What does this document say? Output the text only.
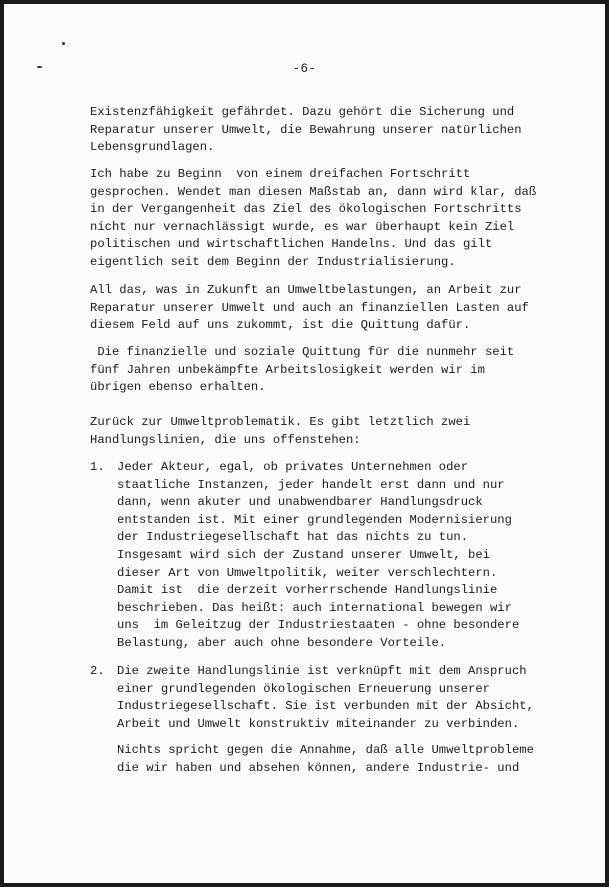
-6-

Existenzfähigkeit gefährdet. Dazu gehört die Sicherung und
Reparatur unserer Umwelt, die Bewahrung unserer natürlichen
Lebensgrundlagen.

Ich habe zu Beginn  von einem dreifachen Fortschritt
gesprochen. Wendet man diesen Maßstab an, dann wird klar, daß
in der Vergangenheit das Ziel des ökologischen Fortschritts
nicht nur vernachlässigt wurde, es war überhaupt kein Ziel
politischen und wirtschaftlichen Handelns. Und das gilt
eigentlich seit dem Beginn der Industrialisierung.

All das, was in Zukunft an Umweltbelastungen, an Arbeit zur
Reparatur unserer Umwelt und auch an finanziellen Lasten auf
diesem Feld auf uns zukommt, ist die Quittung dafür.

Die finanzielle und soziale Quittung für die nunmehr seit
fünf Jahren unbekämpfte Arbeitslosigkeit werden wir im
übrigen ebenso erhalten.

Zurück zur Umweltproblematik. Es gibt letztlich zwei
Handlungslinien, die uns offenstehen:

1. Jeder Akteur, egal, ob privates Unternehmen oder
staatliche Instanzen, jeder handelt erst dann und nur
dann, wenn akuter und unabwendbarer Handlungsdruck
entstanden ist. Mit einer grundlegenden Modernisierung
der Industriegesellschaft hat das nichts zu tun.
Insgesamt wird sich der Zustand unserer Umwelt, bei
dieser Art von Umweltpolitik, weiter verschlechtern.
Damit ist  die derzeit vorherrschende Handlungslinie
beschrieben. Das heißt: auch international bewegen wir
uns  im Geleitzug der Industriestaaten - ohne besondere
Belastung, aber auch ohne besondere Vorteile.

2. Die zweite Handlungslinie ist verknüpft mit dem Anspruch
einer grundlegenden ökologischen Erneuerung unserer
Industriegesellschaft. Sie ist verbunden mit der Absicht,
Arbeit und Umwelt konstruktiv miteinander zu verbinden.

Nichts spricht gegen die Annahme, daß alle Umweltprobleme
die wir haben und absehen können, andere Industrie- und
